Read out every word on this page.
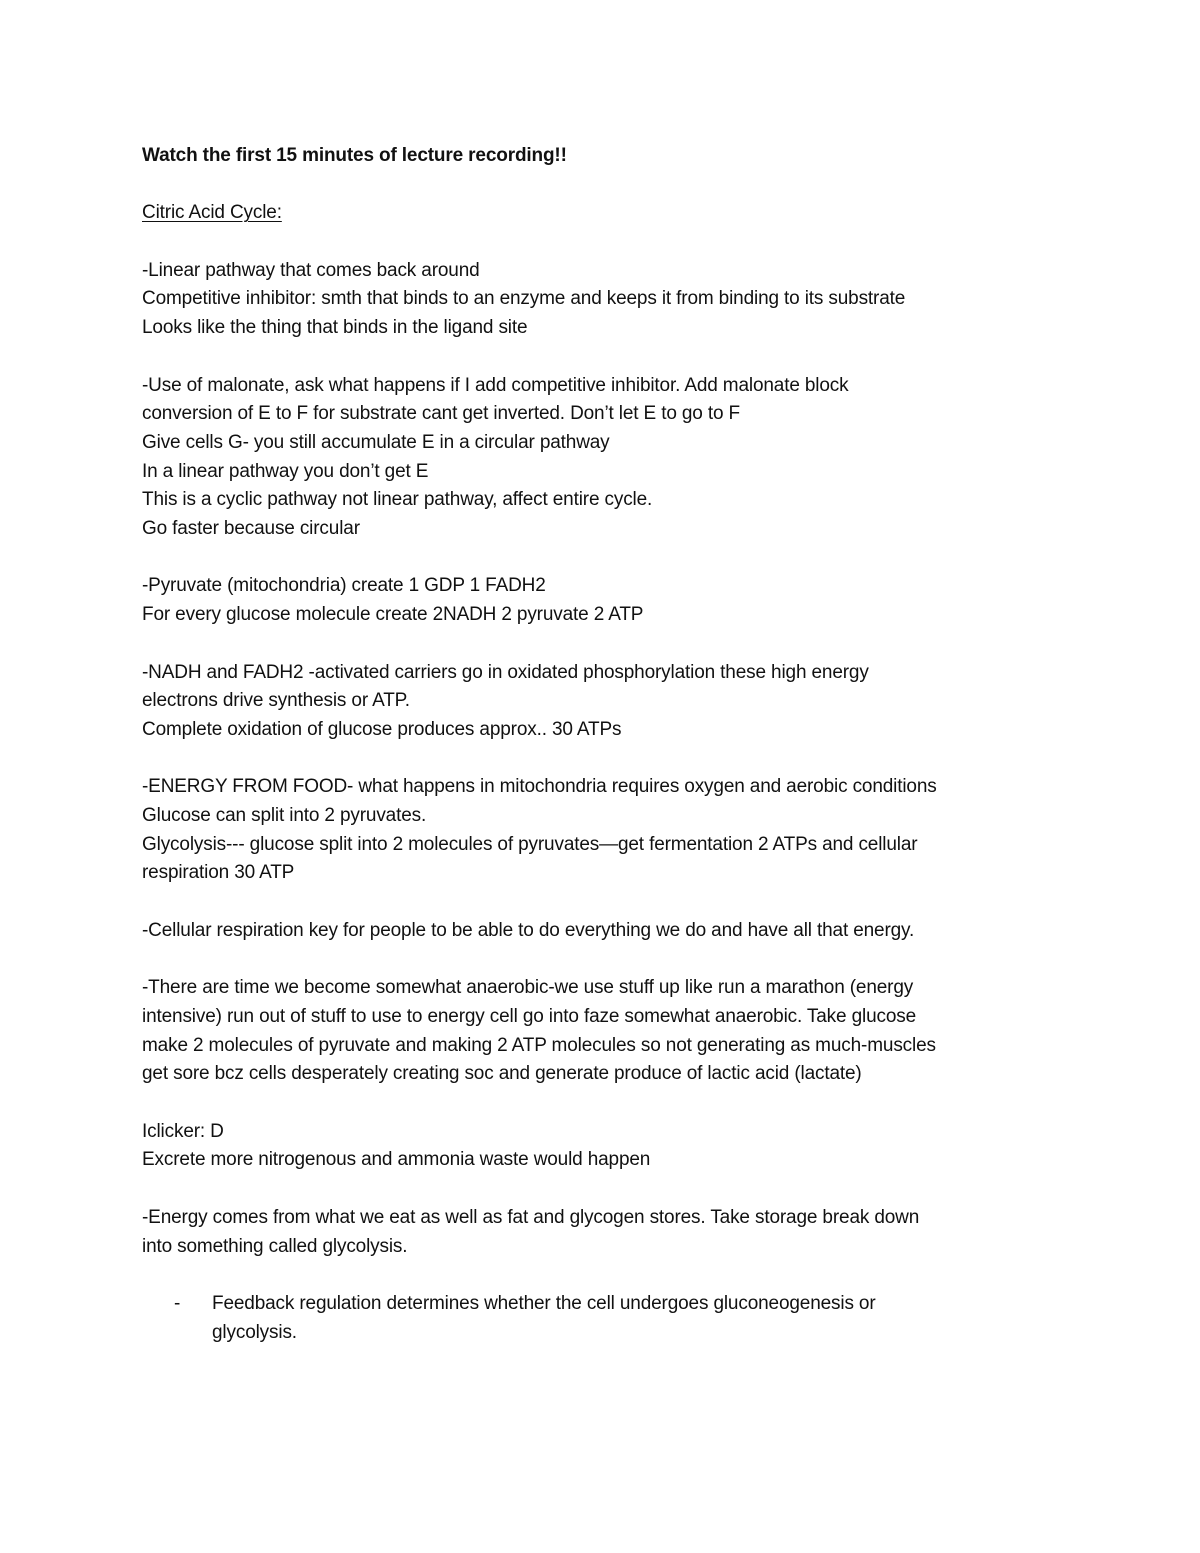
Watch the first 15 minutes of lecture recording!!
Citric Acid Cycle:
-Linear pathway that comes back around
Competitive inhibitor: smth that binds to an enzyme and keeps it from binding to its substrate
Looks like the thing that binds in the ligand site
-Use of malonate, ask what happens if I add competitive inhibitor. Add malonate block
conversion of E to F for substrate cant get inverted. Don’t let E to go to F
Give cells G- you still accumulate E in a circular pathway
In a linear pathway you don’t get E
This is a cyclic pathway not linear pathway, affect entire cycle.
Go faster because circular
-Pyruvate (mitochondria) create 1 GDP 1 FADH2
For every glucose molecule create 2NADH 2 pyruvate 2 ATP
-NADH and FADH2 -activated carriers go in oxidated phosphorylation these high energy
electrons drive synthesis or ATP.
Complete oxidation of glucose produces approx.. 30 ATPs
-ENERGY FROM FOOD- what happens in mitochondria requires oxygen and aerobic conditions
Glucose can split into 2 pyruvates.
Glycolysis--- glucose split into 2 molecules of pyruvates—get fermentation 2 ATPs and cellular
respiration 30 ATP
-Cellular respiration key for people to be able to do everything we do and have all that energy.
-There are time we become somewhat anaerobic-we use stuff up like run a marathon (energy
intensive) run out of stuff to use to energy cell go into faze somewhat anaerobic. Take glucose
make 2 molecules of pyruvate and making 2 ATP molecules so not generating as much-muscles
get sore bcz cells desperately creating soc and generate produce of lactic acid (lactate)
Iclicker: D
Excrete more nitrogenous and ammonia waste would happen
-Energy comes from what we eat as well as fat and glycogen stores. Take storage break down
into something called glycolysis.
-	Feedback regulation determines whether the cell undergoes gluconeogenesis or
glycolysis.
